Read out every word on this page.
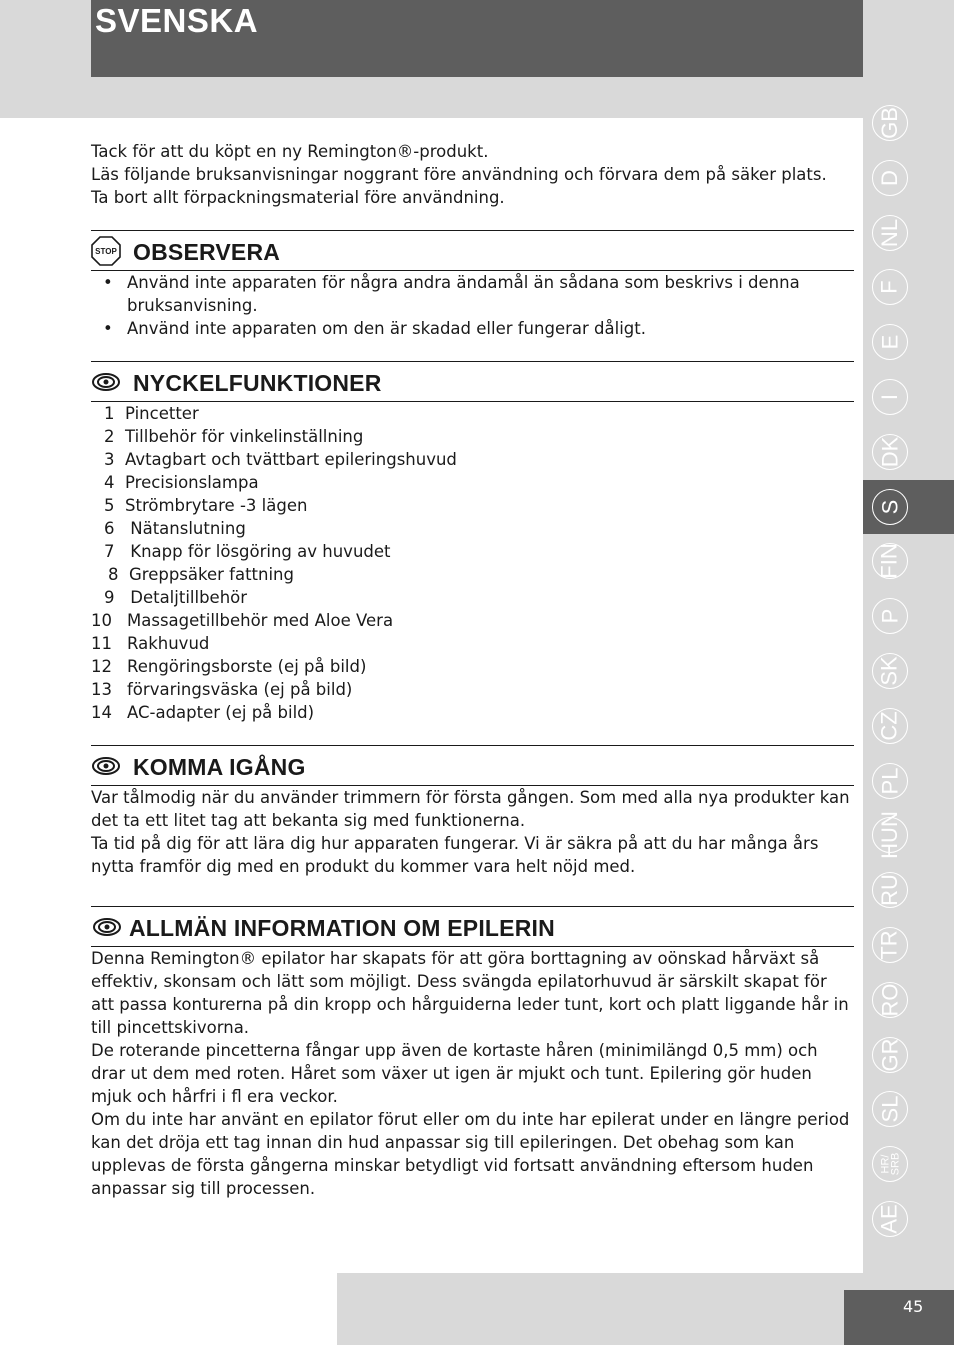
SVENSKA

Tack för att du köpt en ny Remington®-produkt.

Läs följande bruksanvisningar noggrant före användning och förvara dem på säker plats.

Ta bort allt förpackningsmaterial före användning.

STOP OBSERVERA
• Använd inte apparaten för några andra ändamål än sådana som beskrivs i denna bruksanvisning.
• Använd inte apparaten om den är skadad eller fungerar dåligt.
NYCKELFUNKTIONER
1 Pincetter
2 Tillbehör för vinkelinställning
3 Avtagbart och tvättbart epileringshuvud
4 Precisionslampa
5 Strömbrytare -3 lägen
6 Nätanslutning
7 Knapp för lösgöring av huvudet
8 Greppsäker fattning
9 Detaljtillbehör
10 Massagetillbehör med Aloe Vera
11 Rakhuvud
12 Rengöringsborste (ej på bild)
13 förvaringsväska (ej på bild)
14 AC-adapter (ej på bild)
KOMMA IGÅNG

Var tålmodig när du använder trimmern för första gången. Som med alla nya produkter kan det ta ett litet tag att bekanta sig med funktionerna.

Ta tid på dig för att lära dig hur apparaten fungerar. Vi är säkra på att du har många års nytta framför dig med en produkt du kommer vara helt nöjd med.

ALLMÄN INFORMATION OM EPILERIN

Denna Remington® epilator har skapats för att göra borttagning av oönskad hårväxt så eﬀektiv, skonsam och lätt som möjligt. Dess svängda epilatorhuvud är särskilt skapat för att passa konturerna på din kropp och hårguiderna leder tunt, kort och platt liggande hår in till pincettskivorna.

De roterande pincetterna fångar upp även de kortaste håren (minimilängd 0,5 mm) och drar ut dem med roten. Håret som växer ut igen är mjukt och tunt. Epilering gör huden mjuk och hårfri i ﬂ era veckor.

Om du inte har använt en epilator förut eller om du inte har epilerat under en längre period kan det dröja ett tag innan din hud anpassar sig till epileringen. Det obehag som kan upplevas de första gångerna minskar betydligt vid fortsatt användning eftersom huden anpassar sig till processen.

GB
D
NL
F
E
I
DK
S
FIN
P
SK
CZ
PL
HUN
RU
TR
RO
GR
SL
HR/
SRB
AE
45
